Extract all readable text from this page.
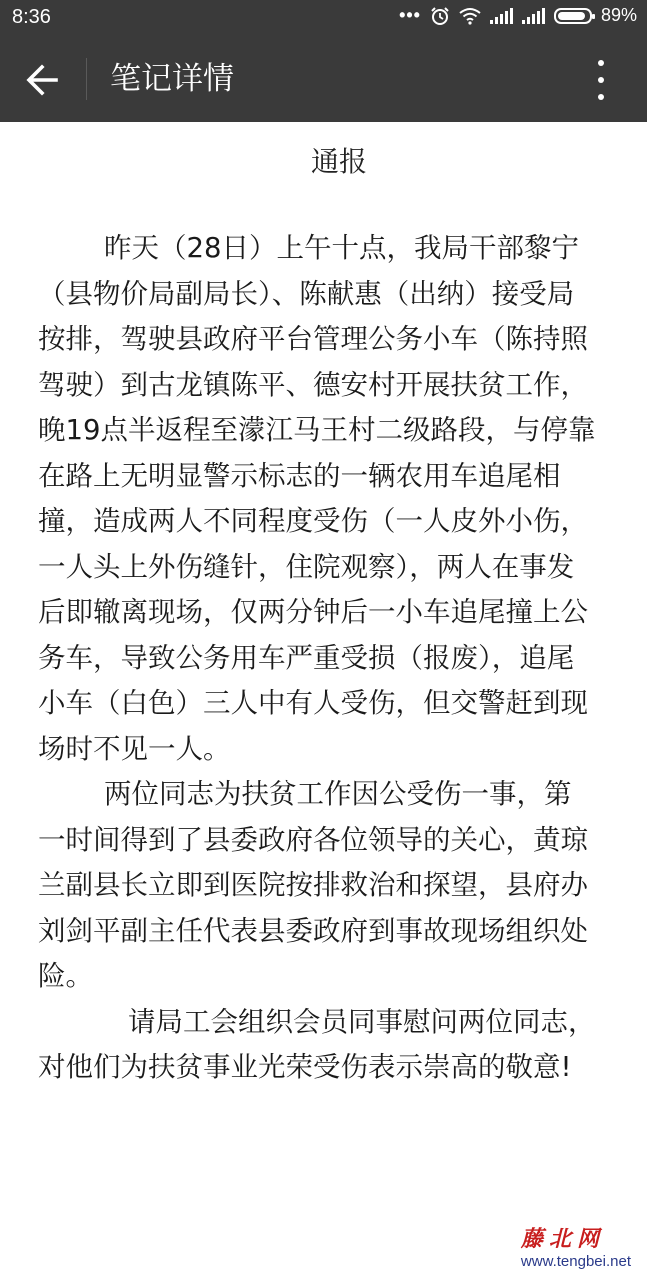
8:36	•••	89%
笔记详情
通报

昨天（28日）上午十点，我局干部黎宁（县物价局副局长）、陈献惠（出纳）接受局按排，驾驶县政府平台管理公务小车（陈持照驾驶）到古龙镇陈平、德安村开展扶贫工作，晚19点半返程至濛江马王村二级路段，与停靠在路上无明显警示标志的一辆农用车追尾相撞，造成两人不同程度受伤（一人皮外小伤，一人头上外伤缝针，住院观察），两人在事发后即辙离现场，仅两分钟后一小车追尾撞上公务车，导致公务用车严重受损（报废），追尾小车（白色）三人中有人受伤，但交警赶到现场时不见一人。

两位同志为扶贫工作因公受伤一事，第一时间得到了县委政府各位领导的关心，黄琼兰副县长立即到医院按排救治和探望，县府办刘剑平副主任代表县委政府到事故现场组织处险。

请局工会组织会员同事慰问两位同志，对他们为扶贫事业光荣受伤表示崇高的敬意!

藤北网
www.tengbei.net
